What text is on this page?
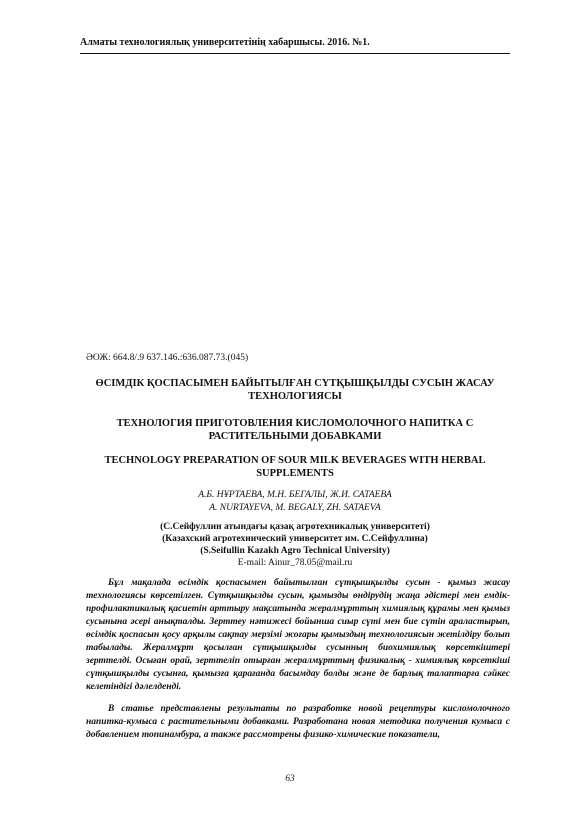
Алматы технологиялық университетінің хабаршысы. 2016. №1.
ӘОЖ: 664.8/.9 637.146.:636.087.73.(045)
ӨСІМДІК ҚОСПАСЫМЕН БАЙЫТЫЛҒАН СҮТҚЫШҚЫЛДЫ СУСЫН ЖАСАУ
ТЕХНОЛОГИЯСЫ
ТЕХНОЛОГИЯ ПРИГОТОВЛЕНИЯ КИСЛОМОЛОЧНОГО НАПИТКА С
РАСТИТЕЛЬНЫМИ ДОБАВКАМИ
TECHNOLOGY PREPARATION OF SOUR MILK BEVERAGES WITH HERBAL
SUPPLEMENTS
А.Б. НҰРТАЕВА, М.Н. БЕГАЛЫ, Ж.И. САТАЕВА
A. NURTAYEVA, M. BEGALY, ZH. SATAEVA
(С.Сейфуллин атындағы қазақ агротехникалық университеті)
(Казахский агротехнический университет им. С.Сейфуллина)
(S.Seifullin Kazakh Agro Technical University)
E-mail: Ainur_78.05@mail.ru

Бұл мақалада өсімдік қоспасымен байытылған сүтқышқылды сусын - қымыз жасау технологиясы көрсетілген. Сүтқышқылды сусын, қымызды өндірудің жаңа әдістері мен емдік-профилактикалық қасиетін арттыру мақсатында жералмұрттың химиялық құрамы мен қымыз сусынына әсері анықталды. Зерттеу нәтижесі бойынша сиыр сүті мен бие сүтін араластырып, өсімдік қоспасын қосу арқылы сақтау мерзімі жоғары қымыздың технологиясын жетілдіру болып табылады. Жералмұрт қосылған сүтқышқылды сусынның биохимиялық көрсеткіштері зерттелді. Осыған орай, зерттеліп отырған жералмұрттың физикалық - химиялық көрсеткіші сүтқышқылды сусынға, қымызға қарағанда басымдау болды және де барлық талаптарға сәйкес келетіндігі дәлелденді.

В статье представлены результаты по разработке новой рецептуры кисломолочного напитка-кумыса с растительными добавками. Разработана новая методика получения кумыса с добавлением топинамбура, а также рассмотрены физико-химические показатели,

63
